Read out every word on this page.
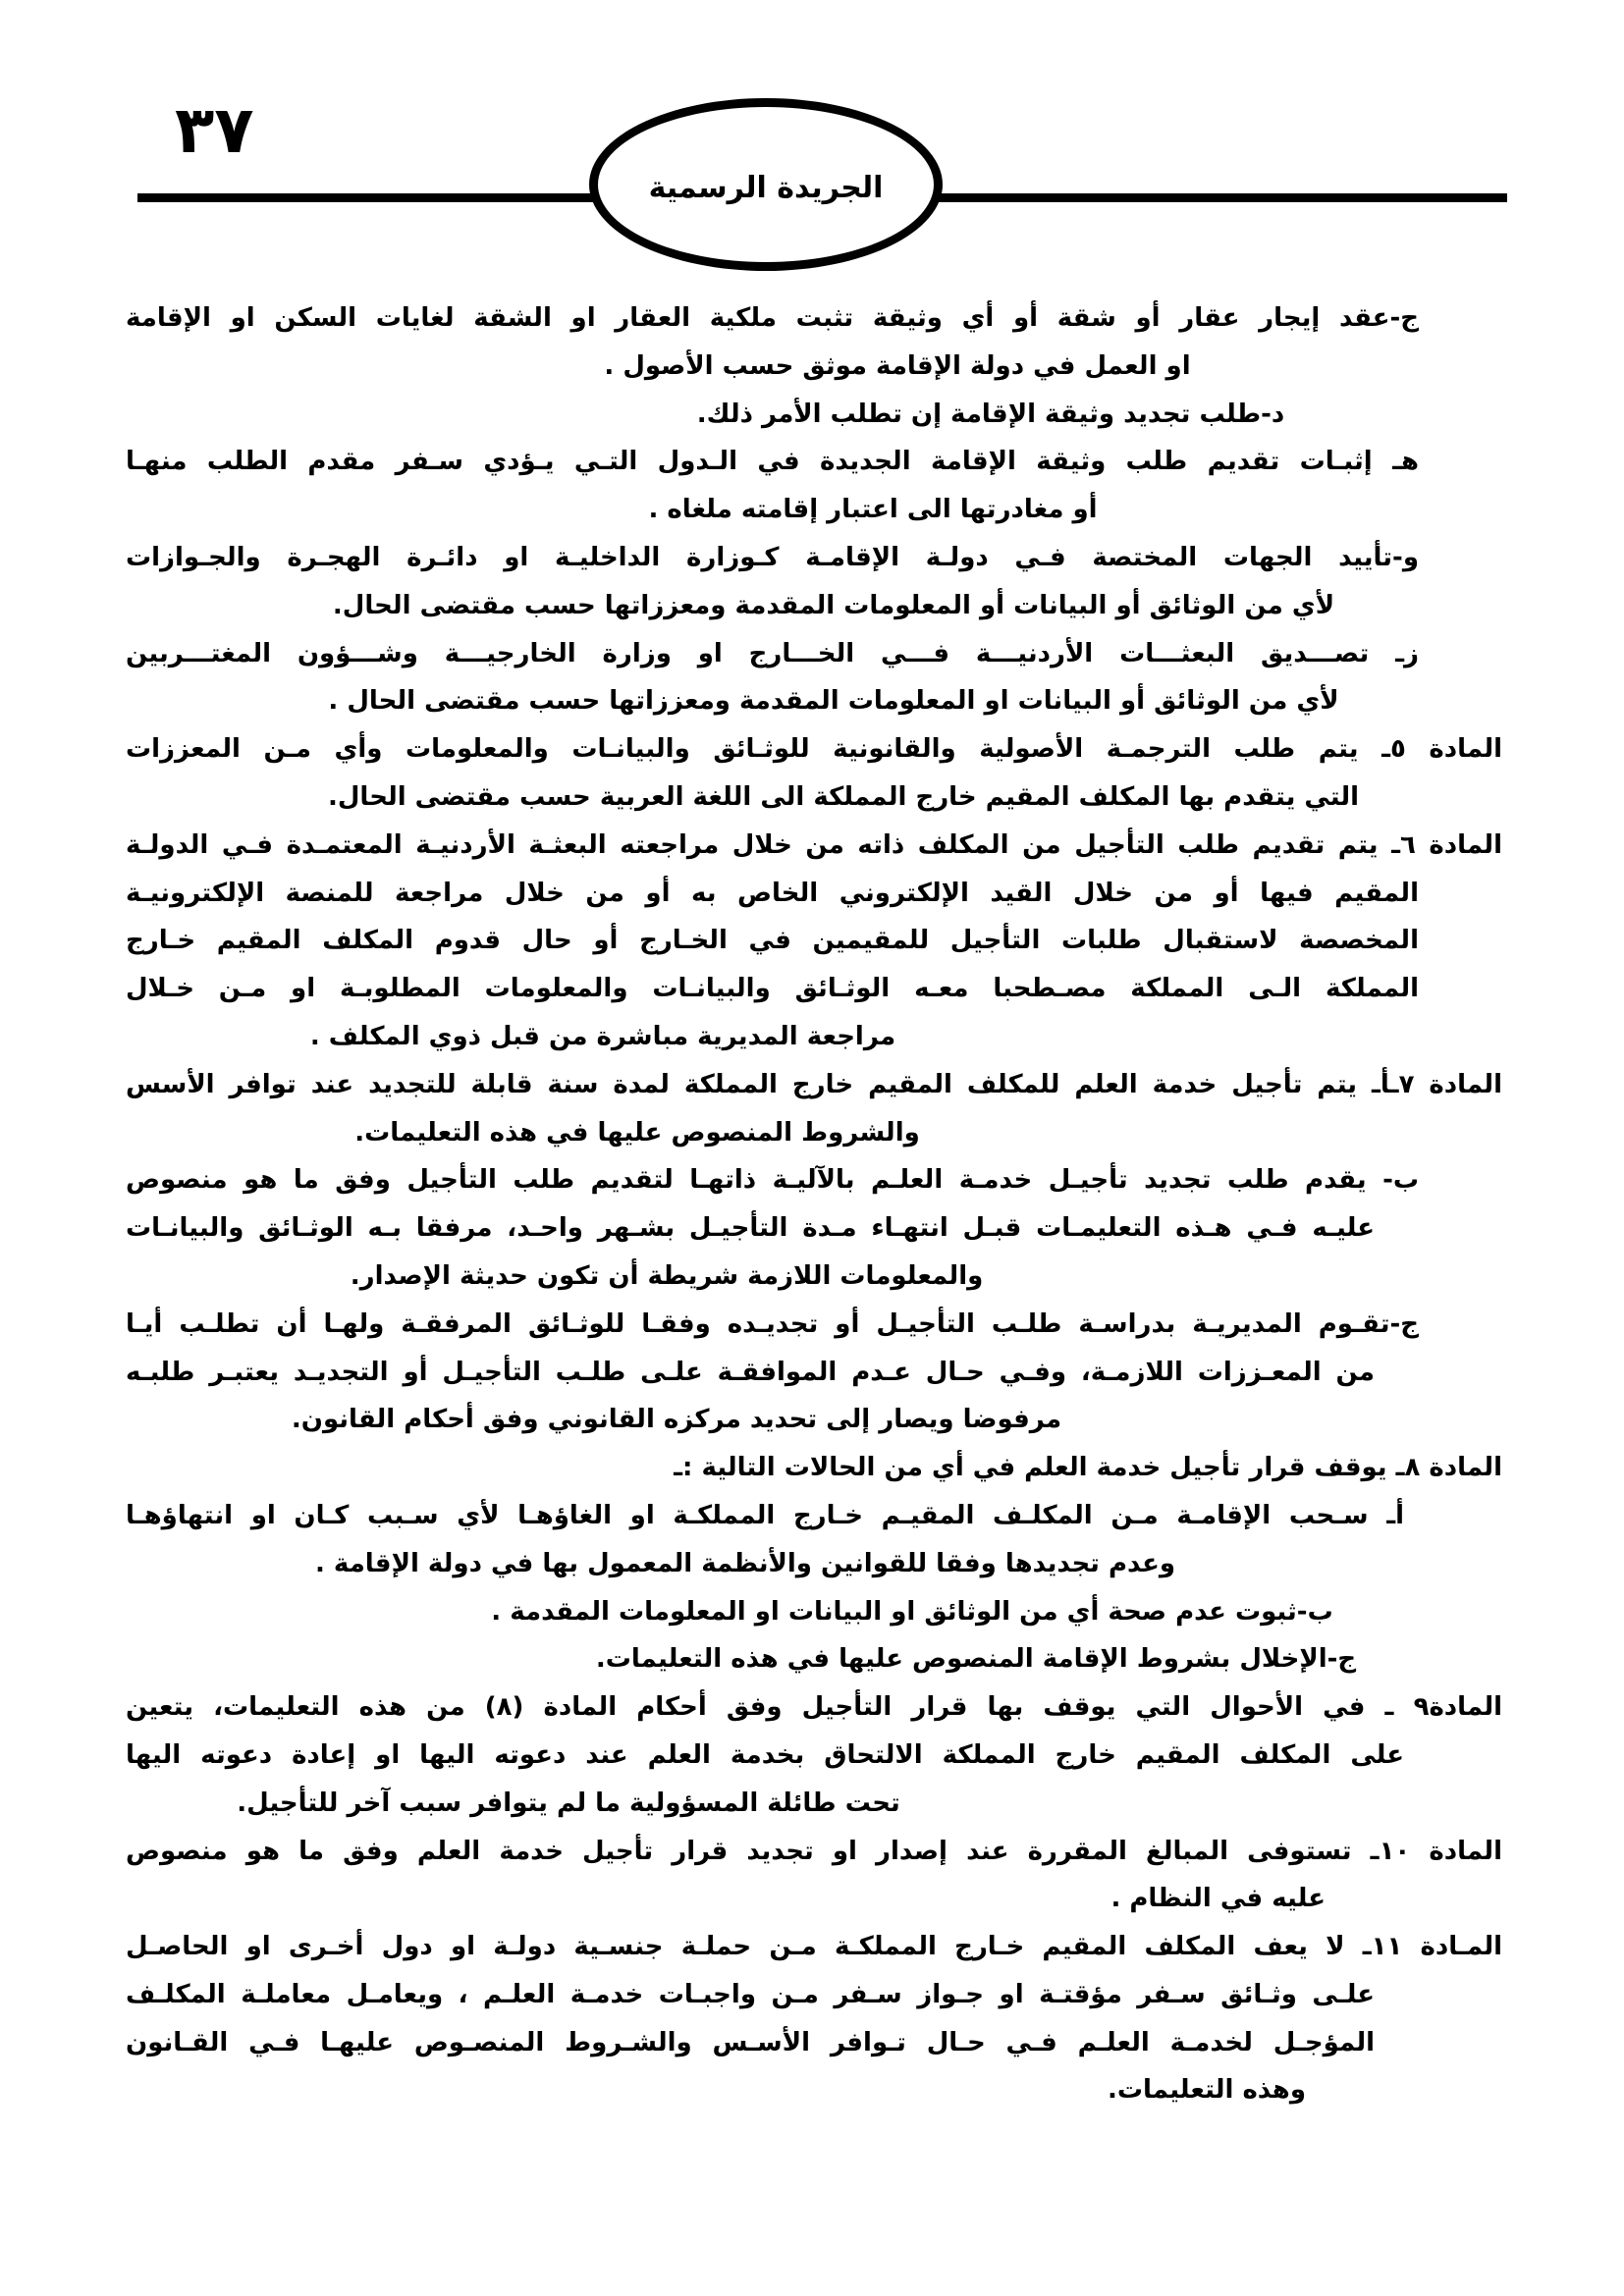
٣٧
الجريدة الرسمية
ج-عقد إيجار عقار أو شقة أو أي وثيقة تثبت ملكية العقار او الشقة لغايات السكن او الإقامة
او العمل في دولة الإقامة موثق حسب الأصول .
د-طلب تجديد وثيقة الإقامة إن تطلب الأمر ذلك.
هـ إثبـات تقديم طلب وثيقة الإقامة الجديدة في الـدول التـي يـؤدي سـفر مقدم الطلب منهـا
أو مغادرتها الى اعتبار إقامته ملغاه .
و-تأييد الجهات المختصة فـي دولـة الإقامـة كـوزارة الداخليـة او دائـرة الهجـرة والجـوازات
لأي من الوثائق أو البيانات أو المعلومات المقدمة ومعززاتها حسب مقتضى الحال.
زـ تصـــديق البعثـــات الأردنيـــة فـــي الخـــارج او وزارة الخارجيـــة وشـــؤون المغتـــربين
لأي من الوثائق أو البيانات او المعلومات المقدمة ومعززاتها حسب مقتضى الحال .
المادة ٥ـ يتم طلب الترجمـة الأصولية والقانونية للوثـائق والبيانـات والمعلومات وأي مـن المعززات
التي يتقدم بها المكلف المقيم خارج المملكة الى اللغة العربية حسب مقتضى الحال.
المادة ٦ـ يتم تقديم طلب التأجيل من المكلف ذاته من خلال مراجعته البعثـة الأردنيـة المعتمـدة فـي الدولـة
المقيم فيها أو من خلال القيد الإلكتروني الخاص به أو من خلال مراجعة للمنصة الإلكترونيـة
المخصصة لاستقبال طلبات التأجيل للمقيمين في الخـارج أو حال قدوم المكلف المقيم خـارج
المملكة الـى المملكة مصـطحبا معـه الوثـائق والبيانـات والمعلومات المطلوبـة او مـن خـلال
مراجعة المديرية مباشرة من قبل ذوي المكلف .
المادة ٧ـأـ يتم تأجيل خدمة العلم للمكلف المقيم خارج المملكة لمدة سنة قابلة للتجديد عند توافر الأسس
والشروط المنصوص عليها في هذه التعليمات.
ب- يقدم طلب تجديد تأجيـل خدمـة العلـم بالآليـة ذاتهـا لتقديم طلب التأجيل وفق ما هو منصوص
عليـه فـي هـذه التعليمـات قبـل انتهـاء مـدة التأجيـل بشـهر واحـد، مرفقا بـه الوثـائق والبيانـات
والمعلومات اللازمة شريطة أن تكون حديثة الإصدار.
ج-تقـوم المديريـة بدراسـة طلـب التأجيـل أو تجديـده وفقـا للوثـائق المرفقـة ولهـا أن تطلـب أيـا
من المعـززات اللازمـة، وفـي حـال عـدم الموافقـة علـى طلـب التأجيـل أو التجديـد يعتبـر طلبـه
مرفوضا ويصار إلى تحديد مركزه القانوني وفق أحكام القانون.
المادة ٨ـ يوقف قرار تأجيل خدمة العلم في أي من الحالات التالية :ـ
أـ سـحب الإقامـة مـن المكلـف المقيـم خـارج المملكـة او الغاؤهـا لأي سـبب كـان او انتهاؤهـا
وعدم تجديدها وفقا للقوانين والأنظمة المعمول بها في دولة الإقامة .
ب-ثبوت عدم صحة أي من الوثائق او البيانات او المعلومات المقدمة .
ج-الإخلال بشروط الإقامة المنصوص عليها في هذه التعليمات.
المادة٩ ـ في الأحوال التي يوقف بها قرار التأجيل وفق أحكام المادة (٨) من هذه التعليمات، يتعين
على المكلف المقيم خارج المملكة الالتحاق بخدمة العلم عند دعوته اليها او إعادة دعوته اليها
تحت طائلة المسؤولية ما لم يتوافر سبب آخر للتأجيل.
المادة ١٠ـ تستوفى المبالغ المقررة عند إصدار او تجديد قرار تأجيل خدمة العلم وفق ما هو منصوص
عليه في النظام .
المـادة ١١ـ لا يعف المكلف المقيم خـارج المملكـة مـن حملـة جنسـية دولـة او دول أخـرى او الحاصـل
علـى وثـائق سـفر مؤقتـة او جـواز سـفر مـن واجبـات خدمـة العلـم ، ويعامـل معاملـة المكلـف
المؤجـل لخدمـة العلـم فـي حـال تـوافر الأسـس والشـروط المنصـوص عليهـا فـي القـانون
وهذه التعليمات.
